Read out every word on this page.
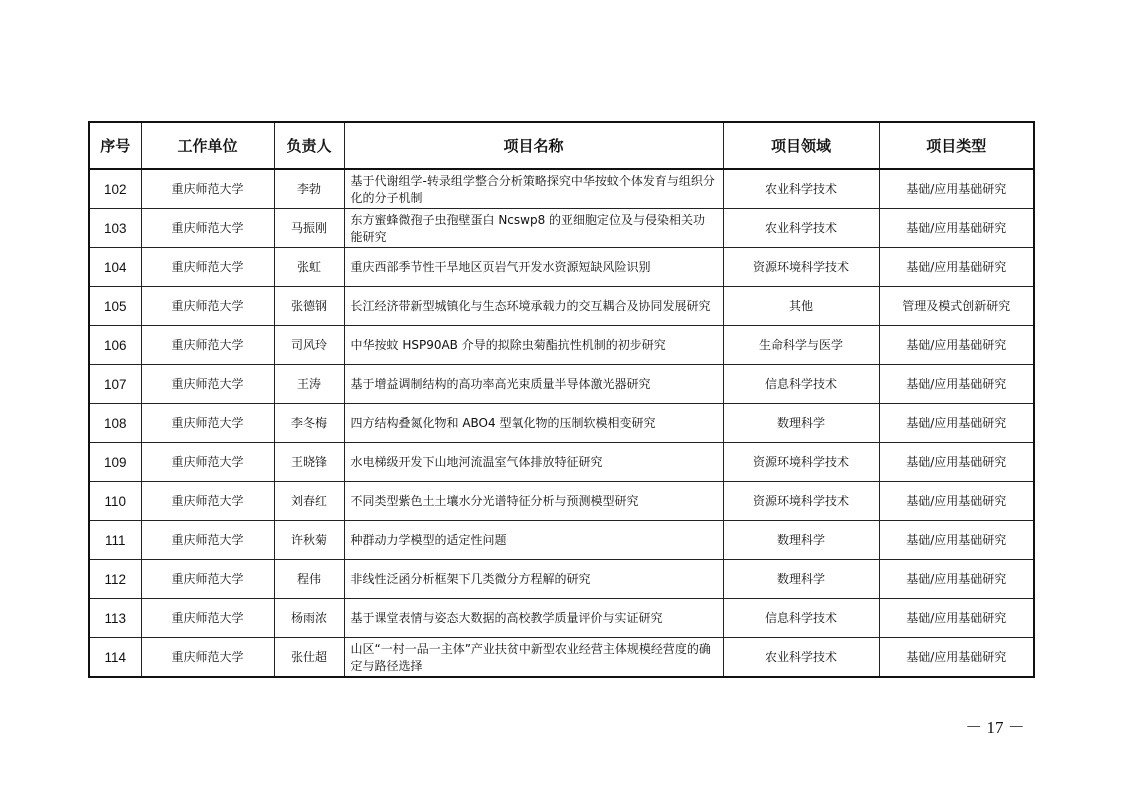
序号	工作单位	负责人	项目名称	项目领域	项目类型
102	重庆师范大学	李勃	基于代谢组学-转录组学整合分析策略探究中华按蚊个体发育与组织分化的分子机制	农业科学技术	基础/应用基础研究
103	重庆师范大学	马振刚	东方蜜蜂微孢子虫孢壁蛋白 Ncswp8 的亚细胞定位及与侵染相关功能研究	农业科学技术	基础/应用基础研究
104	重庆师范大学	张虹	重庆西部季节性干旱地区页岩气开发水资源短缺风险识别	资源环境科学技术	基础/应用基础研究
105	重庆师范大学	张德钢	长江经济带新型城镇化与生态环境承载力的交互耦合及协同发展研究	其他	管理及模式创新研究
106	重庆师范大学	司风玲	中华按蚊 HSP90AB 介导的拟除虫菊酯抗性机制的初步研究	生命科学与医学	基础/应用基础研究
107	重庆师范大学	王涛	基于增益调制结构的高功率高光束质量半导体激光器研究	信息科学技术	基础/应用基础研究
108	重庆师范大学	李冬梅	四方结构叠氮化物和 ABO4 型氧化物的压制软模相变研究	数理科学	基础/应用基础研究
109	重庆师范大学	王晓锋	水电梯级开发下山地河流温室气体排放特征研究	资源环境科学技术	基础/应用基础研究
110	重庆师范大学	刘春红	不同类型紫色土土壤水分光谱特征分析与预测模型研究	资源环境科学技术	基础/应用基础研究
111	重庆师范大学	许秋菊	种群动力学模型的适定性问题	数理科学	基础/应用基础研究
112	重庆师范大学	程伟	非线性泛函分析框架下几类微分方程解的研究	数理科学	基础/应用基础研究
113	重庆师范大学	杨雨浓	基于课堂表情与姿态大数据的高校教学质量评价与实证研究	信息科学技术	基础/应用基础研究
114	重庆师范大学	张仕超	山区“一村一品一主体”产业扶贫中新型农业经营主体规模经营度的确定与路径选择	农业科学技术	基础/应用基础研究
－ 17 －
